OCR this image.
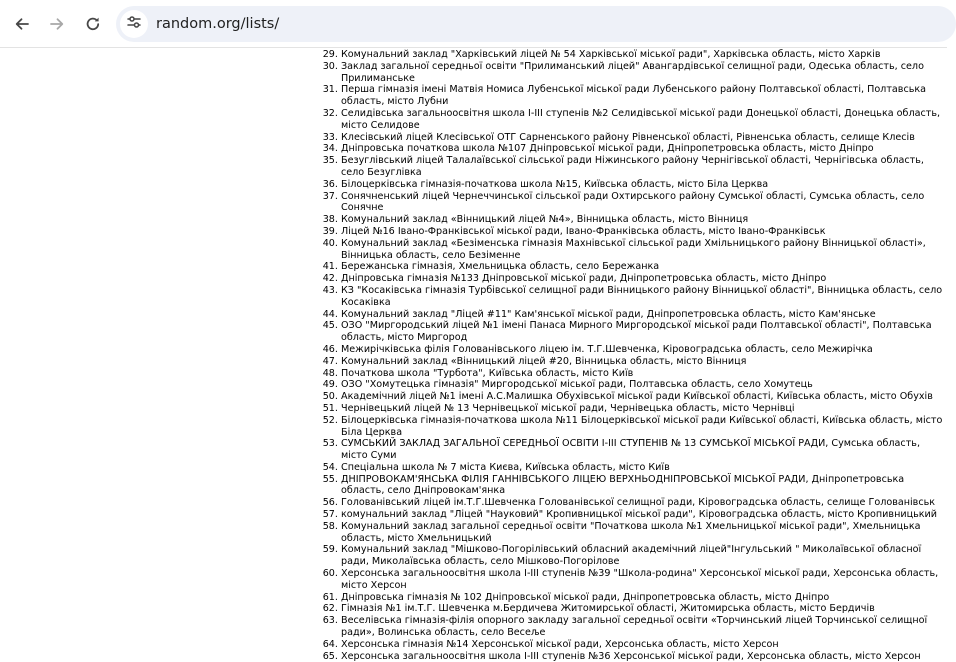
random.org/lists/
29. Комунальний заклад "Харківський ліцей № 54 Харківської міської ради", Харківська область, місто Харків
30. Заклад загальної середньої освіти "Прилиманський ліцей" Авангардівської селищної ради, Одеська область, село Прилиманське
31. Перша гімназія імені Матвія Номиса Лубенської міської ради Лубенського району Полтавської області, Полтавська область, місто Лубни
32. Селидівська загальноосвітня школа I-III ступенів №2 Селидівської міської ради Донецької області, Донецька область, місто Селидове
33. Клесівський ліцей Клесівської ОТГ Сарненського району Рівненської області, Рівненська область, селище Клесів
34. Дніпровська початкова школа №107 Дніпровської міської ради, Дніпропетровська область, місто Дніпро
35. Безуглівський ліцей Талалаївської сільської ради Ніжинського району Чернігівської області, Чернігівська область, село Безуглівка
36. Білоцерківська гімназія-початкова школа №15, Київська область, місто Біла Церква
37. Сонячненський ліцей Чернеччинської сільської ради Охтирського району Сумської області, Сумська область, село Сонячне
38. Комунальний заклад «Вінницький ліцей №4», Вінницька область, місто Вінниця
39. Ліцей №16 Івано-Франківської міської ради, Івано-Франківська область, місто Івано-Франківськ
40. Комунальний заклад «Безіменська гімназія Махнівської сільської ради Хмільницького району Вінницької області», Вінницька область, село Безіменне
41. Бережанська гімназія, Хмельницька область, село Бережанка
42. Дніпровська гімназія №133 Дніпровської міської ради, Дніпропетровська область, місто Дніпро
43. КЗ "Косаківська гімназія Турбівської селищної ради Вінницького району Вінницької області", Вінницька область, село Косаківка
44. Комунальний заклад "Ліцей #11" Кам'янської міської ради, Дніпропетровська область, місто Кам'янське
45. ОЗО "Миргородський ліцей №1 імені Панаса Мирного Миргородської міської ради Полтавської області", Полтавська область, місто Миргород
46. Межирічківська філія Голованівського ліцею ім. Т.Г.Шевченка, Кіровоградська область, село Межирічка
47. Комунальний заклад «Вінницький ліцей #20, Вінницька область, місто Вінниця
48. Початкова школа "Турбота", Київська область, місто Київ
49. ОЗО "Хомутецька гімназія" Миргородської міської ради, Полтавська область, село Хомутець
50. Академічний ліцей №1 імені А.С.Малишка Обухівської міської ради Київської області, Київська область, місто Обухів
51. Чернівецький ліцей № 13 Чернівецької міської ради, Чернівецька область, місто Чернівці
52. Білоцерківська гімназія-початкова школа №11 Білоцерківської міської ради Київської області, Київська область, місто Біла Церква
53. СУМСЬКИЙ ЗАКЛАД ЗАГАЛЬНОЇ СЕРЕДНЬОЇ ОСВІТИ І-ІІІ СТУПЕНІВ № 13 СУМСЬКОЇ МІСЬКОЇ РАДИ, Сумська область, місто Суми
54. Спеціальна школа № 7 міста Києва, Київська область, місто Київ
55. ДНІПРОВОКАМ'ЯНСЬКА ФІЛІЯ ГАННІВСЬКОГО ЛІЦЕЮ ВЕРХНЬОДНІПРОВСЬКОЇ МІСЬКОЇ РАДИ, Дніпропетровська область, село Дніпровокам'янка
56. Голованівський ліцей ім.Т.Г.Шевченка Голованівської селищної ради, Кіровоградська область, селище Голованівськ
57. комунальний заклад "Ліцей "Науковий" Кропивницької міської ради", Кіровоградська область, місто Кропивницький
58. Комунальний заклад загальної середньої освіти "Початкова школа №1 Хмельницької міської ради", Хмельницька область, місто Хмельницький
59. Комунальний заклад "Мішково-Погорілівський обласний академічний ліцей"Інгульський " Миколаївської обласної ради, Миколаївська область, село Мішково-Погорілове
60. Херсонська загальноосвітня школа I-III ступенів №39 "Школа-родина" Херсонської міської ради, Херсонська область, місто Херсон
61. Дніпровська гімназія № 102 Дніпровської міської ради, Дніпропетровська область, місто Дніпро
62. Гімназія №1 ім.Т.Г. Шевченка м.Бердичева Житомирської області, Житомирська область, місто Бердичів
63. Веселівська гімназія-філія опорного закладу загальної середньої освіти «Торчинський ліцей Торчинської селищної ради», Волинська область, село Весеље
64. Херсонська гімназія №14 Херсонської міської ради, Херсонська область, місто Херсон
65. Херсонська загальноосвітня школа I-III ступенів №36 Херсонської міської ради, Херсонська область, місто Херсон
